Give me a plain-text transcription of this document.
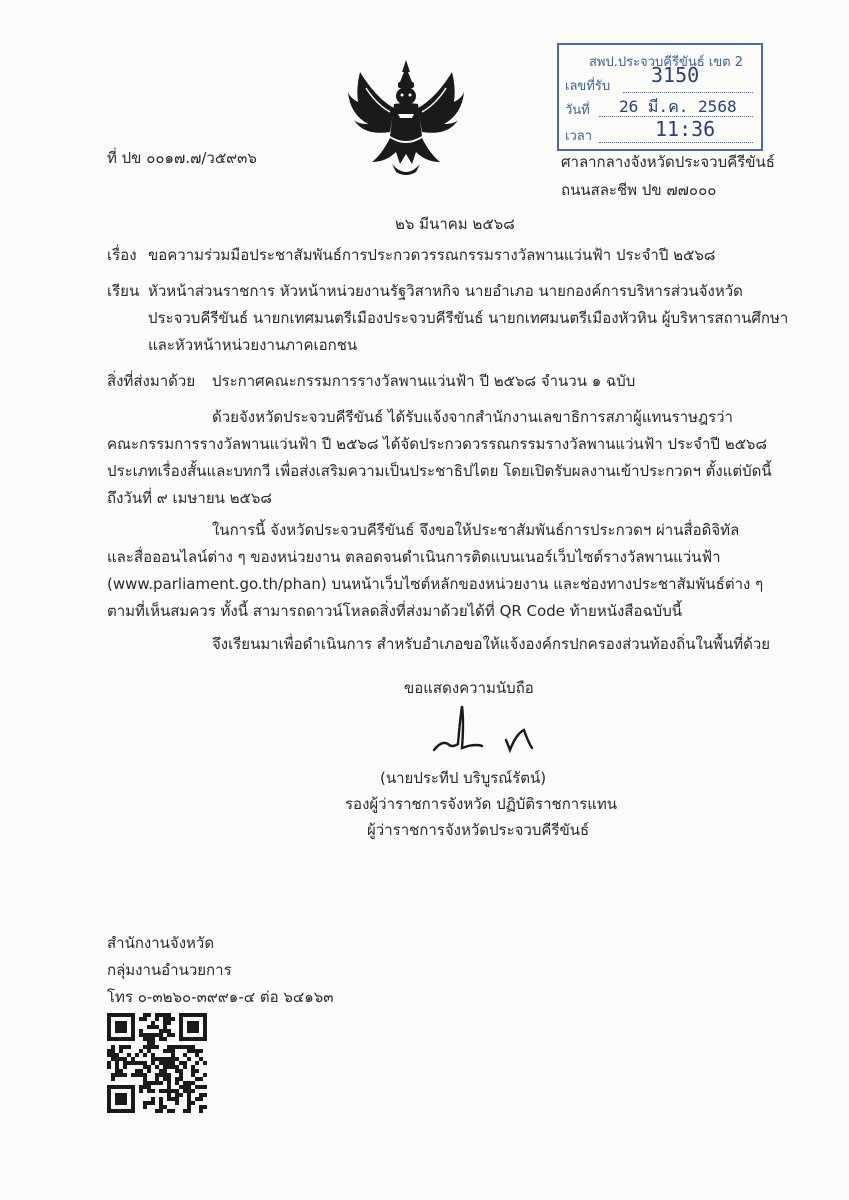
สพป.ประจวบคีรีขันธ์ เขต 2
เลขที่รับ 3150
วันที่ 26 มี.ค. 2568
เวลา	11:36
ที่ ปข ๐๐๑๗.๗/ว๕๙๓๖	ศาลากลางจังหวัดประจวบคีรีขันธ์
ถนนสละชีพ ปข ๗๗๐๐๐
๒๖ มีนาคม ๒๕๖๘
เรื่อง ขอความร่วมมือประชาสัมพันธ์การประกวดวรรณกรรมรางวัลพานแว่นฟ้า ประจำปี ๒๕๖๘
เรียน หัวหน้าส่วนราชการ หัวหน้าหน่วยงานรัฐวิสาหกิจ นายอำเภอ นายกองค์การบริหารส่วนจังหวัด
ประจวบคีรีขันธ์ นายกเทศมนตรีเมืองประจวบคีรีขันธ์ นายกเทศมนตรีเมืองหัวหิน ผู้บริหารสถานศึกษา
และหัวหน้าหน่วยงานภาคเอกชน
สิ่งที่ส่งมาด้วย ประกาศคณะกรรมการรางวัลพานแว่นฟ้า ปี ๒๕๖๘ จำนวน ๑ ฉบับ
ด้วยจังหวัดประจวบคีรีขันธ์ ได้รับแจ้งจากสำนักงานเลขาธิการสภาผู้แทนราษฎรว่า
คณะกรรมการรางวัลพานแว่นฟ้า ปี ๒๕๖๘ ได้จัดประกวดวรรณกรรมรางวัลพานแว่นฟ้า ประจำปี ๒๕๖๘
ประเภทเรื่องสั้นและบทกวี เพื่อส่งเสริมความเป็นประชาธิปไตย โดยเปิดรับผลงานเข้าประกวดฯ ตั้งแต่บัดนี้
ถึงวันที่ ๙ เมษายน ๒๕๖๘
ในการนี้ จังหวัดประจวบคีรีขันธ์ จึงขอให้ประชาสัมพันธ์การประกวดฯ ผ่านสื่อดิจิทัล
และสื่อออนไลน์ต่าง ๆ ของหน่วยงาน ตลอดจนดำเนินการติดแบนเนอร์เว็บไซต์รางวัลพานแว่นฟ้า
(www.parliament.go.th/phan) บนหน้าเว็บไซต์หลักของหน่วยงาน และช่องทางประชาสัมพันธ์ต่าง ๆ
ตามที่เห็นสมควร ทั้งนี้ สามารถดาวน์โหลดสิ่งที่ส่งมาด้วยได้ที่ QR Code ท้ายหนังสือฉบับนี้
จึงเรียนมาเพื่อดำเนินการ สำหรับอำเภอขอให้แจ้งองค์กรปกครองส่วนท้องถิ่นในพื้นที่ด้วย
ขอแสดงความนับถือ
(นายประทีป บริบูรณ์รัตน์)
รองผู้ว่าราชการจังหวัด ปฏิบัติราชการแทน
ผู้ว่าราชการจังหวัดประจวบคีรีขันธ์
สำนักงานจังหวัด
กลุ่มงานอำนวยการ
โทร ๐-๓๒๖๐-๓๙๙๑-๔ ต่อ ๖๔๑๖๓
